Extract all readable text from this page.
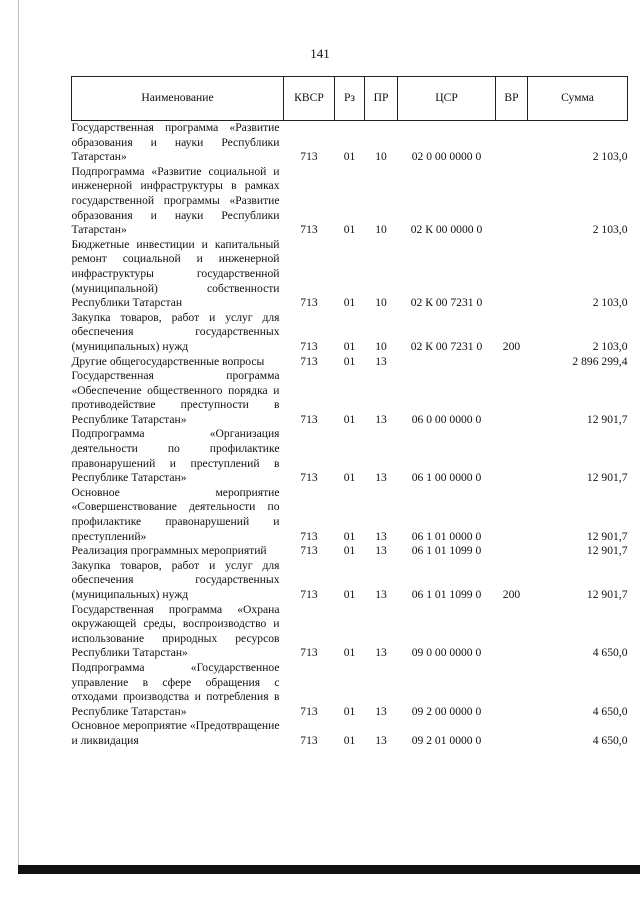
141
Наименование	КВСР	Рз	ПР	ЦСР	ВР	Сумма
Государственная программа «Развитие образования и науки Республики Татарстан»	713	01	10	02 0 00 0000 0		2 103,0
Подпрограмма «Развитие социальной и инженерной инфраструктуры в рамках государственной программы «Развитие образования и науки Республики Татарстан»	713	01	10	02 К 00 0000 0		2 103,0
Бюджетные инвестиции и капитальный ремонт социальной и инженерной инфраструктуры государственной (муниципальной) собственности Республики Татарстан	713	01	10	02 К 00 7231 0		2 103,0
Закупка товаров, работ и услуг для обеспечения государственных (муниципальных) нужд	713	01	10	02 К 00 7231 0	200	2 103,0
Другие общегосударственные вопросы	713	01	13			2 896 299,4
Государственная программа «Обеспечение общественного порядка и противодействие преступности в Республике Татарстан»	713	01	13	06 0 00 0000 0		12 901,7
Подпрограмма «Организация деятельности по профилактике правонарушений и преступлений в Республике Татарстан»	713	01	13	06 1 00 0000 0		12 901,7
Основное мероприятие «Совершенствование деятельности по профилактике правонарушений и преступлений»	713	01	13	06 1 01 0000 0		12 901,7
Реализация программных мероприятий	713	01	13	06 1 01 1099 0		12 901,7
Закупка товаров, работ и услуг для обеспечения государственных (муниципальных) нужд	713	01	13	06 1 01 1099 0	200	12 901,7
Государственная программа «Охрана окружающей среды, воспроизводство и использование природных ресурсов Республики Татарстан»	713	01	13	09 0 00 0000 0		4 650,0
Подпрограмма «Государственное управление в сфере обращения с отходами производства и потребления в Республике Татарстан»	713	01	13	09 2 00 0000 0		4 650,0
Основное мероприятие «Предотвращение и ликвидация	713	01	13	09 2 01 0000 0		4 650,0
